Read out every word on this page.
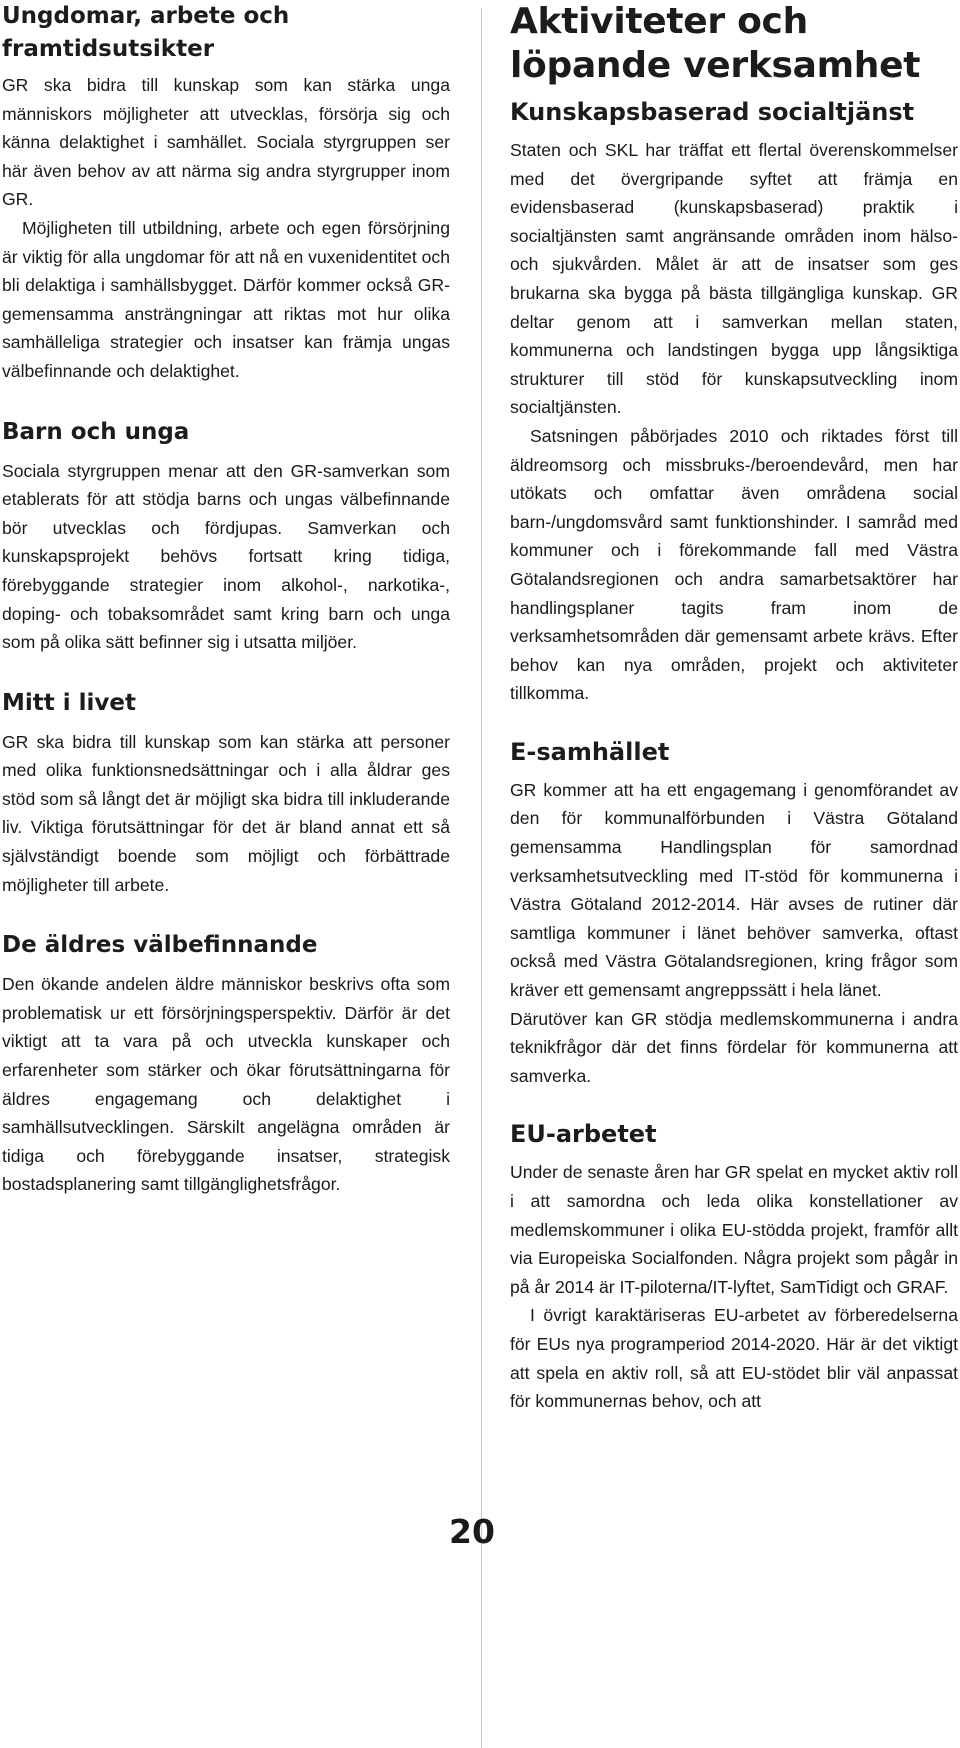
Ungdomar, arbete och framtidsutsikter

GR ska bidra till kunskap som kan stärka unga människors möjligheter att utvecklas, försörja sig och känna delaktighet i samhället. Sociala styrgruppen ser här även behov av att närma sig andra styrgrupper inom GR.

Möjligheten till utbildning, arbete och egen försörjning är viktig för alla ungdomar för att nå en vuxenidentitet och bli delaktiga i samhällsbygget. Därför kommer också GR-gemensamma ansträngningar att riktas mot hur olika samhälleliga strategier och insatser kan främja ungas välbefinnande och delaktighet.

Barn och unga

Sociala styrgruppen menar att den GR-samverkan som etablerats för att stödja barns och ungas välbefinnande bör utvecklas och fördjupas. Samverkan och kunskapsprojekt behövs fortsatt kring tidiga, förebyggande strategier inom alkohol-, narkotika-, doping- och tobaksområdet samt kring barn och unga som på olika sätt befinner sig i utsatta miljöer.

Mitt i livet

GR ska bidra till kunskap som kan stärka att personer med olika funktionsnedsättningar och i alla åldrar ges stöd som så långt det är möjligt ska bidra till inkluderande liv. Viktiga förutsättningar för det är bland annat ett så självständigt boende som möjligt och förbättrade möjligheter till arbete.

De äldres välbefinnande

Den ökande andelen äldre människor beskrivs ofta som problematisk ur ett försörjningsperspektiv. Därför är det viktigt att ta vara på och utveckla kunskaper och erfarenheter som stärker och ökar förutsättningarna för äldres engagemang och delaktighet i samhällsutvecklingen. Särskilt angelägna områden är tidiga och förebyggande insatser, strategisk bostadsplanering samt tillgänglighetsfrågor.

Aktiviteter och löpande verksamhet
Kunskapsbaserad socialtjänst

Staten och SKL har träffat ett flertal överenskommelser med det övergripande syftet att främja en evidensbaserad (kunskapsbaserad) praktik i socialtjänsten samt angränsande områden inom hälso- och sjukvården. Målet är att de insatser som ges brukarna ska bygga på bästa tillgängliga kunskap. GR deltar genom att i samverkan mellan staten, kommunerna och landstingen bygga upp långsiktiga strukturer till stöd för kunskapsutveckling inom socialtjänsten.

Satsningen påbörjades 2010 och riktades först till äldreomsorg och missbruks-/beroendevård, men har utökats och omfattar även områdena social barn-/ungdomsvård samt funktionshinder. I samråd med kommuner och i förekommande fall med Västra Götalandsregionen och andra samarbetsaktörer har handlingsplaner tagits fram inom de verksamhetsområden där gemensamt arbete krävs. Efter behov kan nya områden, projekt och aktiviteter tillkomma.

E-samhället

GR kommer att ha ett engagemang i genomförandet av den för kommunalförbunden i Västra Götaland gemensamma Handlingsplan för samordnad verksamhetsutveckling med IT-stöd för kommunerna i Västra Götaland 2012-2014. Här avses de rutiner där samtliga kommuner i länet behöver samverka, oftast också med Västra Götalandsregionen, kring frågor som kräver ett gemensamt angreppssätt i hela länet.

Därutöver kan GR stödja medlemskommunerna i andra teknikfrågor där det finns fördelar för kommunerna att samverka.

EU-arbetet

Under de senaste åren har GR spelat en mycket aktiv roll i att samordna och leda olika konstellationer av medlemskommuner i olika EU-stödda projekt, framför allt via Europeiska Socialfonden. Några projekt som pågår in på år 2014 är IT-piloterna/IT-lyftet, SamTidigt och GRAF.

I övrigt karaktäriseras EU-arbetet av förberedelserna för EUs nya programperiod 2014-2020. Här är det viktigt att spela en aktiv roll, så att EU-stödet blir väl anpassat för kommunernas behov, och att

20
